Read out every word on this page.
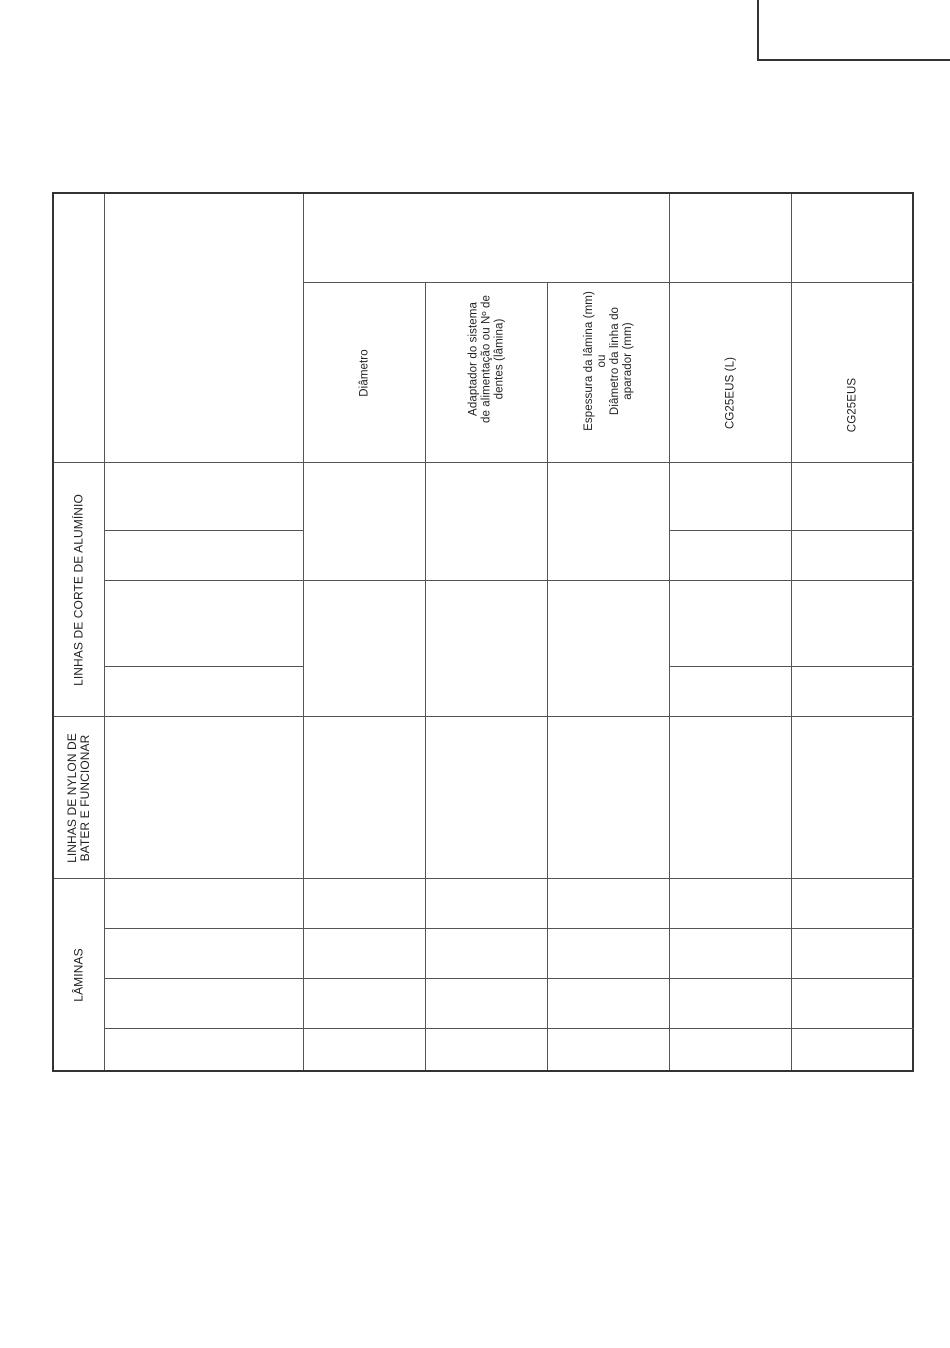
Diâmetro	Adaptador do sistema de alimentação ou Nº de dentes (lâmina)	Espessura da lâmina (mm) ou Diâmetro da linha do aparador (mm)	CG25EUS (L)	CG25EUS
LINHAS DE CORTE DE ALUMÍNIO
LINHAS DE NYLON DE BATER E FUNCIONAR
LÂMINAS
